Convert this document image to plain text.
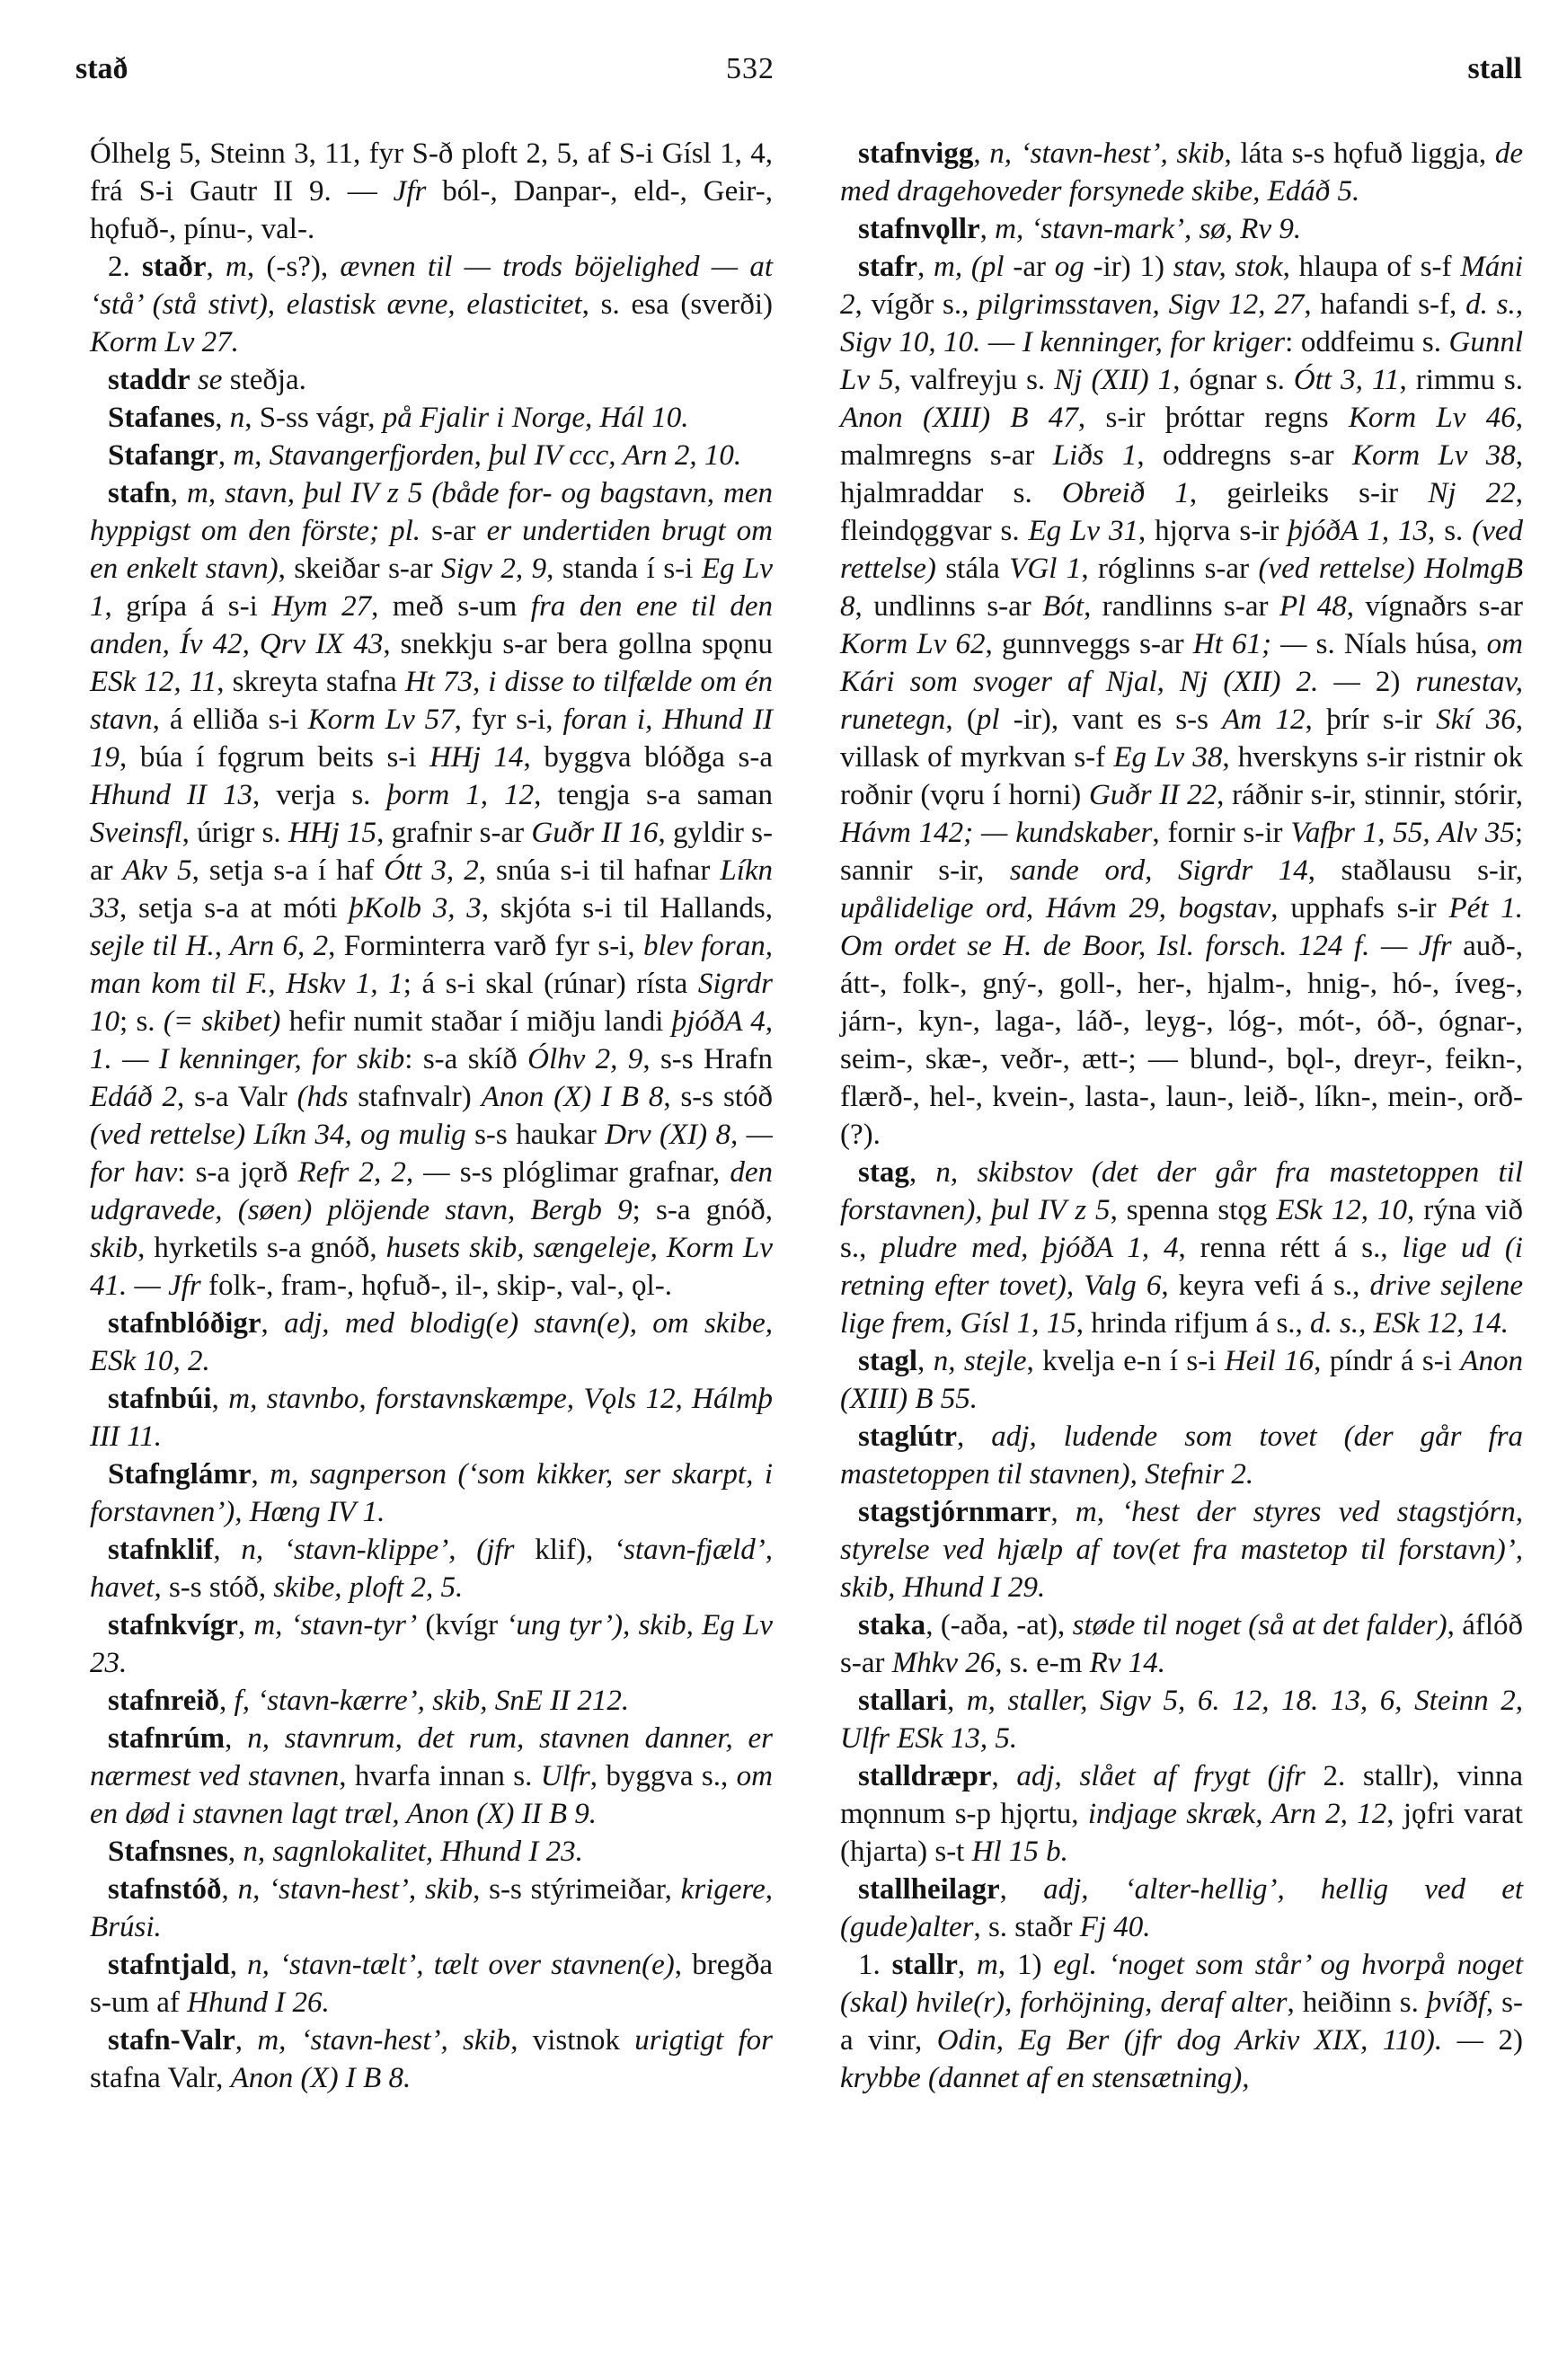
stað	532	stall

Ólhelg 5, Steinn 3, 11, fyr S-ð ploft 2, 5, af S-i Gísl 1, 4, frá S-i Gautr II 9. — Jfr ból-, Danpar-, eld-, Geir-, hǫfuð-, pínu-, val-.

2. staðr, m, (-s?), ævnen til — trods böjelighed — at ‘stå’ (stå stivt), elastisk ævne, elasticitet, s. esa (sverði) Korm Lv 27.

staddr se steðja.

Stafanes, n, S-ss vágr, på Fjalir i Norge, Hál 10.

Stafangr, m, Stavangerfjorden, þul IV ccc, Arn 2, 10.

stafn, m, stavn, þul IV z 5 (både for- og bagstavn, men hyppigst om den förste; pl. s-ar er undertiden brugt om en enkelt stavn), skeiðar s-ar Sigv 2, 9, standa í s-i Eg Lv 1, grípa á s-i Hym 27, með s-um fra den ene til den anden, Ív 42, Qrv IX 43, snekkju s-ar bera gollna spǫnu ESk 12, 11, skreyta stafna Ht 73, i disse to tilfælde om én stavn, á elliða s-i Korm Lv 57, fyr s-i, foran i, Hhund II 19, búa í fǫgrum beits s-i HHj 14, byggva blóðga s-a Hhund II 13, verja s. þorm 1, 12, tengja s-a saman Sveinsfl, úrigr s. HHj 15, grafnir s-ar Guðr II 16, gyldir s-ar Akv 5, setja s-a í haf Ótt 3, 2, snúa s-i til hafnar Líkn 33, setja s-a at móti þKolb 3, 3, skjóta s-i til Hallands, sejle til H., Arn 6, 2, Forminterra varð fyr s-i, blev foran, man kom til F., Hskv 1, 1; á s-i skal (rúnar) rísta Sigrdr 10; s. (= skibet) hefir numit staðar í miðju landi þjóðA 4, 1. — I kenninger, for skib: s-a skíð Ólhv 2, 9, s-s Hrafn Edáð 2, s-a Valr (hds stafnvalr) Anon (X) I B 8, s-s stóð (ved rettelse) Líkn 34, og mulig s-s haukar Drv (XI) 8, — for hav: s-a jǫrð Refr 2, 2, — s-s plóglimar grafnar, den udgravede, (søen) plöjende stavn, Bergb 9; s-a gnóð, skib, hyrketils s-a gnóð, husets skib, sængeleje, Korm Lv 41. — Jfr folk-, fram-, hǫfuð-, il-, skip-, val-, ǫl-.

stafnblóðigr, adj, med blodig(e) stavn(e), om skibe, ESk 10, 2.

stafnbúi, m, stavnbo, forstavnskæmpe, Vǫls 12, Hálmþ III 11.

Stafnglámr, m, sagnperson (‘som kikker, ser skarpt, i forstavnen’), Hœng IV 1.

stafnklif, n, ‘stavn-klippe’, (jfr klif), ‘stavn-fjæld’, havet, s-s stóð, skibe, ploft 2, 5.

stafnkvígr, m, ‘stavn-tyr’ (kvígr ‘ung tyr’), skib, Eg Lv 23.

stafnreið, f, ‘stavn-kærre’, skib, SnE II 212.

stafnrúm, n, stavnrum, det rum, stavnen danner, er nærmest ved stavnen, hvarfa innan s. Ulfr, byggva s., om en død i stavnen lagt træl, Anon (X) II B 9.

Stafnsnes, n, sagnlokalitet, Hhund I 23.

stafnstóð, n, ‘stavn-hest’, skib, s-s stýrimeiðar, krigere, Brúsi.

stafntjald, n, ‘stavn-tælt’, tælt over stavnen(e), bregða s-um af Hhund I 26.

stafn-Valr, m, ‘stavn-hest’, skib, vistnok urigtigt for stafna Valr, Anon (X) I B 8.

stafnvigg, n, ‘stavn-hest’, skib, láta s-s hǫfuð liggja, de med dragehoveder forsynede skibe, Edáð 5.

stafnvǫllr, m, ‘stavn-mark’, sø, Rv 9.

stafr, m, (pl -ar og -ir) 1) stav, stok, hlaupa of s-f Máni 2, vígðr s., pilgrimsstaven, Sigv 12, 27, hafandi s-f, d. s., Sigv 10, 10. — I kenninger, for kriger: oddfeimu s. Gunnl Lv 5, valfreyju s. Nj (XII) 1, ógnar s. Ótt 3, 11, rimmu s. Anon (XIII) B 47, s-ir þróttar regns Korm Lv 46, malmregns s-ar Liðs 1, oddregns s-ar Korm Lv 38, hjalmraddar s. Obreið 1, geirleiks s-ir Nj 22, fleindǫggvar s. Eg Lv 31, hjǫrva s-ir þjóðA 1, 13, s. (ved rettelse) stála VGl 1, róglinns s-ar (ved rettelse) HolmgB 8, undlinns s-ar Bót, randlinns s-ar Pl 48, vígnaðrs s-ar Korm Lv 62, gunnveggs s-ar Ht 61; — s. Níals húsa, om Kári som svoger af Njal, Nj (XII) 2. — 2) runestav, runetegn, (pl -ir), vant es s-s Am 12, þrír s-ir Skí 36, villask of myrkvan s-f Eg Lv 38, hverskyns s-ir ristnir ok roðnir (vǫru í horni) Guðr II 22, ráðnir s-ir, stinnir, stórir, Hávm 142; — kundskaber, fornir s-ir Vafþr 1, 55, Alv 35; sannir s-ir, sande ord, Sigrdr 14, staðlausu s-ir, upålidelige ord, Hávm 29, bogstav, upphafs s-ir Pét 1. Om ordet se H. de Boor, Isl. forsch. 124 f. — Jfr auð-, átt-, folk-, gný-, goll-, her-, hjalm-, hnig-, hó-, íveg-, járn-, kyn-, laga-, láð-, leyg-, lóg-, mót-, óð-, ógnar-, seim-, skæ-, veðr-, ætt-; — blund-, bǫl-, dreyr-, feikn-, flærð-, hel-, kvein-, lasta-, laun-, leið-, líkn-, mein-, orð-(?).

stag, n, skibstov (det der går fra mastetoppen til forstavnen), þul IV z 5, spenna stǫg ESk 12, 10, rýna við s., pludre med, þjóðA 1, 4, renna rétt á s., lige ud (i retning efter tovet), Valg 6, keyra vefi á s., drive sejlene lige frem, Gísl 1, 15, hrinda rifjum á s., d. s., ESk 12, 14.

stagl, n, stejle, kvelja e-n í s-i Heil 16, píndr á s-i Anon (XIII) B 55.

staglútr, adj, ludende som tovet (der går fra mastetoppen til stavnen), Stefnir 2.

stagstjórnmarr, m, ‘hest der styres ved stagstjórn, styrelse ved hjælp af tov(et fra mastetop til forstavn)’, skib, Hhund I 29.

staka, (-aða, -at), støde til noget (så at det falder), áflóð s-ar Mhkv 26, s. e-m Rv 14.

stallari, m, staller, Sigv 5, 6. 12, 18. 13, 6, Steinn 2, Ulfr ESk 13, 5.

stalldræpr, adj, slået af frygt (jfr 2. stallr), vinna mǫnnum s-p hjǫrtu, indjage skræk, Arn 2, 12, jǫfri varat (hjarta) s-t Hl 15 b.

stallheilagr, adj, ‘alter-hellig’, hellig ved et (gude)alter, s. staðr Fj 40.

1. stallr, m, 1) egl. ‘noget som står’ og hvorpå noget (skal) hvile(r), forhöjning, deraf alter, heiðinn s. þvíðf, s-a vinr, Odin, Eg Ber (jfr dog Arkiv XIX, 110). — 2) krybbe (dannet af en stensætning),
